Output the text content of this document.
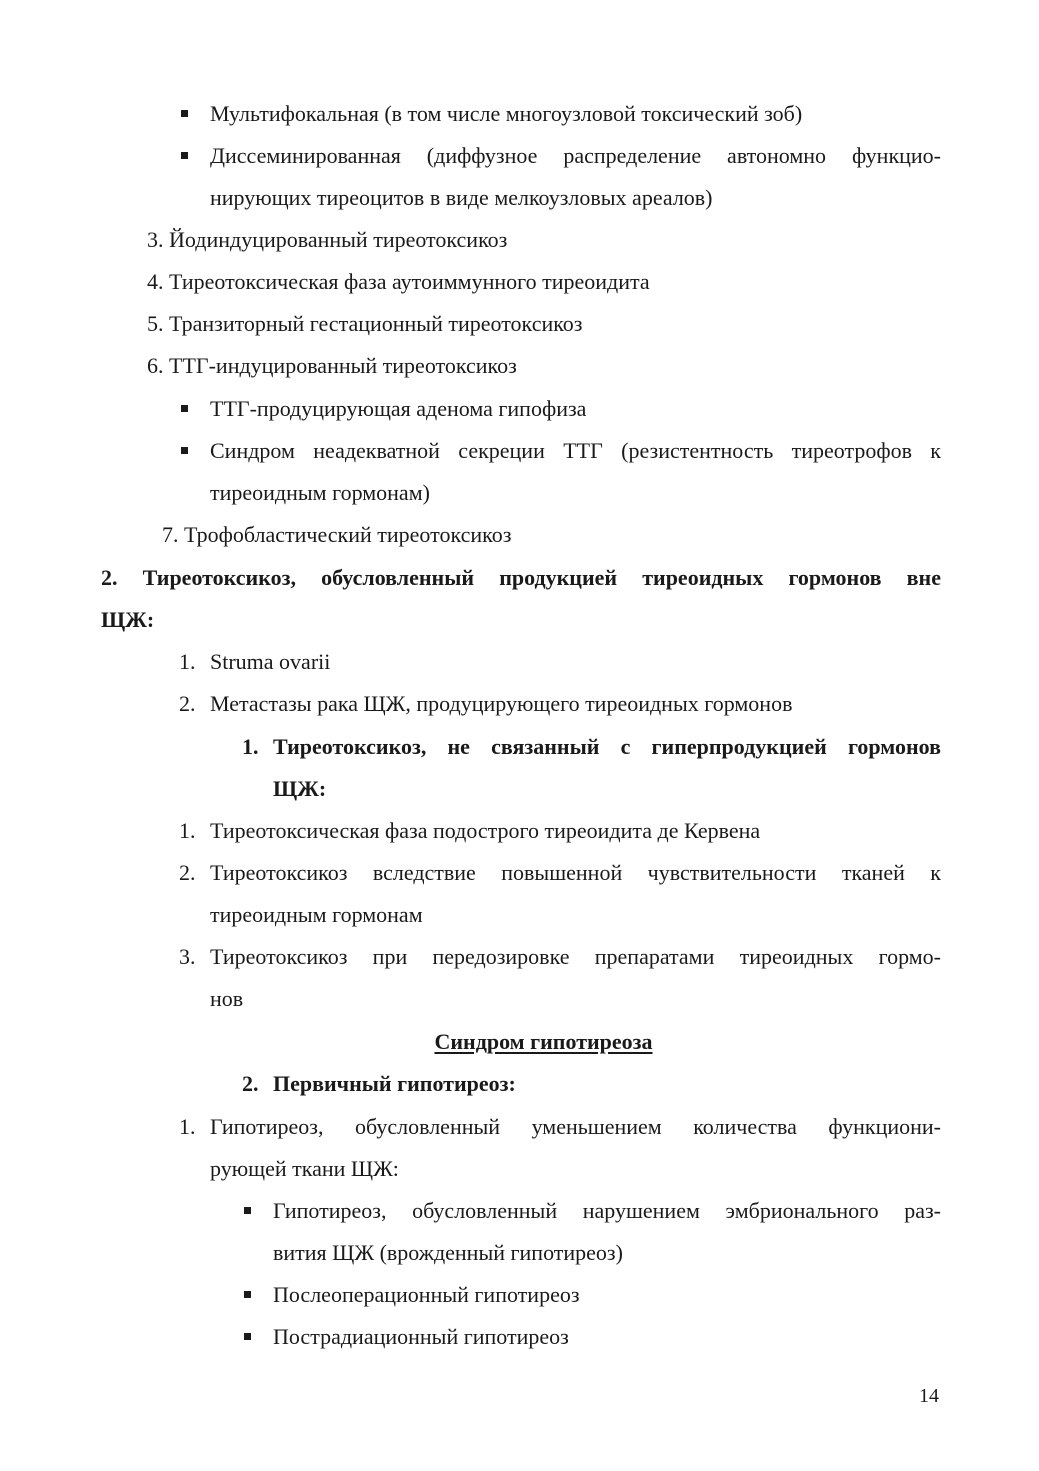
Мультифокальная (в том числе многоузловой токсический зоб)
Диссеминированная (диффузное распределение автономно функцио-
нирующих тиреоцитов в виде мелкоузловых ареалов)
3. Йодиндуцированный тиреотоксикоз
4. Тиреотоксическая фаза аутоиммунного тиреоидита
5. Транзиторный гестационный тиреотоксикоз
6. ТТГ-индуцированный тиреотоксикоз
ТТГ-продуцирующая аденома гипофиза
Синдром неадекватной секреции ТТГ (резистентность тиреотрофов к
тиреоидным гормонам)
7. Трофобластический тиреотоксикоз
2. Тиреотоксикоз, обусловленный продукцией тиреоидных гормонов вне
ЩЖ:
1. Struma ovarii
2. Метастазы рака ЩЖ, продуцирующего тиреоидных гормонов
1. Тиреотоксикоз, не связанный с гиперпродукцией гормонов
ЩЖ:
1. Тиреотоксическая фаза подострого тиреоидита де Кервена
2. Тиреотоксикоз вследствие повышенной чувствительности тканей к
тиреоидным гормонам
3. Тиреотоксикоз при передозировке препаратами тиреоидных гормо-
нов
Синдром гипотиреоза
2. Первичный гипотиреоз:
1. Гипотиреоз, обусловленный уменьшением количества функциони-
рующей ткани ЩЖ:
Гипотиреоз, обусловленный нарушением эмбрионального раз-
вития ЩЖ (врожденный гипотиреоз)
Послеоперационный гипотиреоз
Пострадиационный гипотиреоз
14
